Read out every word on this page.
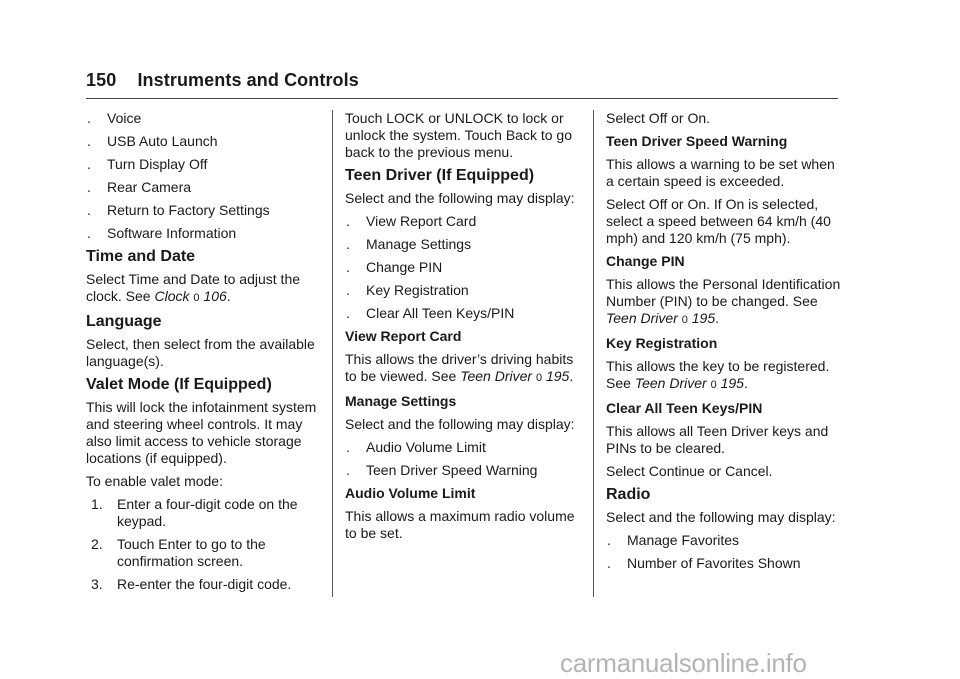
150 Instruments and Controls
. Voice
. USB Auto Launch
. Turn Display Off
. Rear Camera
. Return to Factory Settings
. Software Information
Time and Date

Select Time and Date to adjust the clock. See Clock 0 106.

Language

Select, then select from the available language(s).

Valet Mode (If Equipped)

This will lock the infotainment system and steering wheel controls. It may also limit access to vehicle storage locations (if equipped).

To enable valet mode:

1. Enter a four-digit code on the keypad.
2. Touch Enter to go to the confirmation screen.
3. Re-enter the four-digit code.

Touch LOCK or UNLOCK to lock or unlock the system. Touch Back to go back to the previous menu.

Teen Driver (If Equipped)

Select and the following may display:

. View Report Card
. Manage Settings
. Change PIN
. Key Registration
. Clear All Teen Keys/PIN
View Report Card

This allows the driver’s driving habits to be viewed. See Teen Driver 0 195.

Manage Settings

Select and the following may display:

. Audio Volume Limit
. Teen Driver Speed Warning
Audio Volume Limit

This allows a maximum radio volume to be set.

Select Off or On.

Teen Driver Speed Warning

This allows a warning to be set when a certain speed is exceeded.

Select Off or On. If On is selected, select a speed between 64 km/h (40 mph) and 120 km/h (75 mph).

Change PIN

This allows the Personal Identification Number (PIN) to be changed. See Teen Driver 0 195.

Key Registration

This allows the key to be registered. See Teen Driver 0 195.

Clear All Teen Keys/PIN

This allows all Teen Driver keys and PINs to be cleared.

Select Continue or Cancel.

Radio

Select and the following may display:

. Manage Favorites
. Number of Favorites Shown
carmanualsonline.info
